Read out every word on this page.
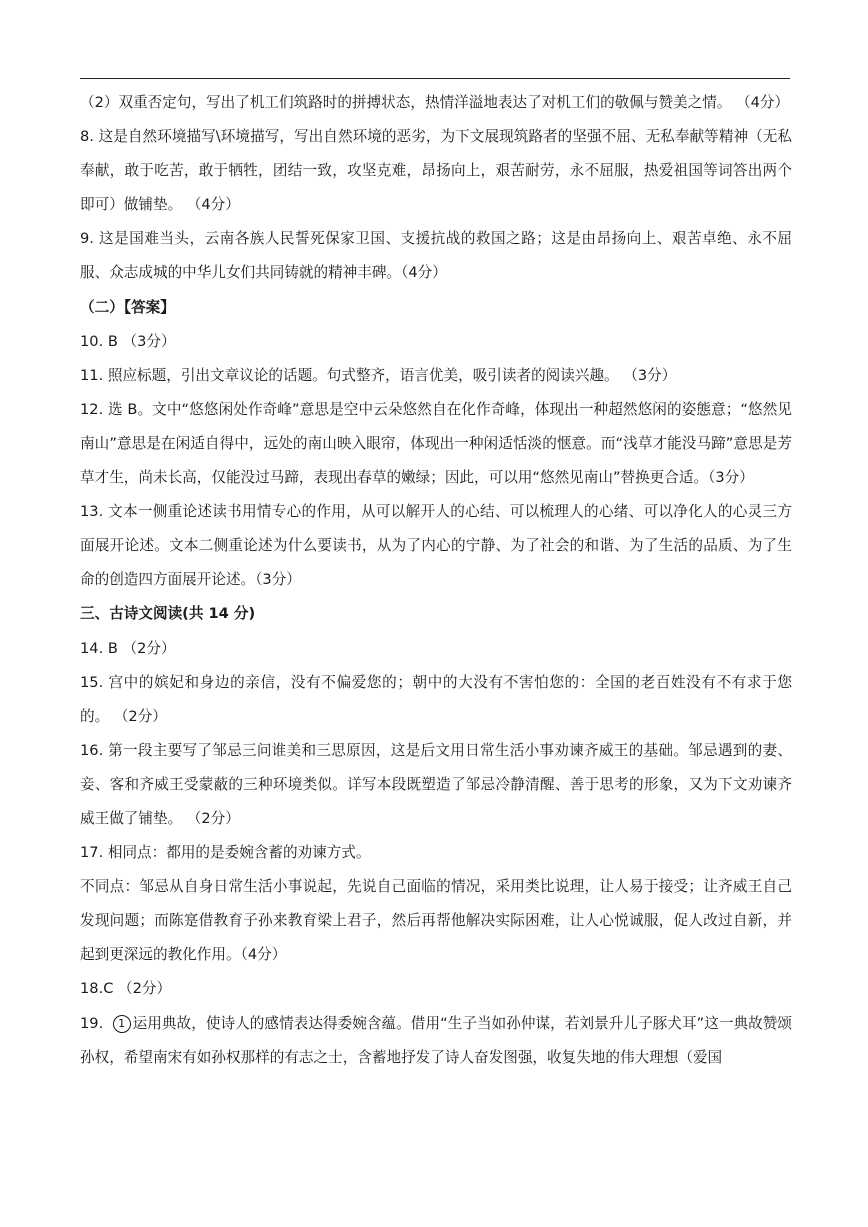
（2）双重否定句，写出了机工们筑路时的拼搏状态，热情洋溢地表达了对机工们的敬佩与赞美之情。 （4分）

8. 这是自然环境描写\环境描写，写出自然环境的恶劣，为下文展现筑路者的坚强不屈、无私奉献等精神（无私奉献，敢于吃苦，敢于牺牲，团结一致，攻坚克难，昂扬向上，艰苦耐劳，永不屈服，热爱祖国等词答出两个即可）做铺垫。 （4分）

9. 这是国难当头，云南各族人民誓死保家卫国、支援抗战的救国之路；这是由昂扬向上、艰苦卓绝、永不屈服、众志成城的中华儿女们共同铸就的精神丰碑。（4分）

（二）【答案】

10. B （3分）

11. 照应标题，引出文章议论的话题。句式整齐，语言优美，吸引读者的阅读兴趣。 （3分）

12. 选 B。文中“悠悠闲处作奇峰”意思是空中云朵悠然自在化作奇峰，体现出一种超然悠闲的姿態意；“悠然见南山”意思是在闲适自得中，远处的南山映入眼帘，体现出一种闲适恬淡的惬意。而“浅草才能没马蹄”意思是芳草才生，尚未长高，仅能没过马蹄，表现出春草的嫩绿；因此，可以用“悠然见南山”替换更合适。（3分）

13. 文本一侧重论述读书用情专心的作用，从可以解开人的心结、可以梳理人的心绪、可以净化人的心灵三方面展开论述。文本二侧重论述为什么要读书，从为了内心的宁静、为了社会的和谐、为了生活的品质、为了生命的创造四方面展开论述。（3分）

三、古诗文阅读(共 14 分)

14. B （2分）

15. 宫中的嫔妃和身边的亲信，没有不偏爱您的；朝中的大没有不害怕您的：全国的老百姓没有不有求于您的。 （2分）

16. 第一段主要写了邹忌三问谁美和三思原因，这是后文用日常生活小事劝谏齐威王的基础。邹忌遇到的妻、妾、客和齐威王受蒙蔽的三种环境类似。详写本段既塑造了邹忌冷静清醒、善于思考的形象，又为下文劝谏齐威王做了铺垫。 （2分）

17. 相同点：都用的是委婉含蓄的劝谏方式。

不同点：邹忌从自身日常生活小事说起，先说自己面临的情况，采用类比说理，让人易于接受；让齐威王自己发现问题；而陈寔借教育子孙来教育梁上君子，然后再帮他解决实际困难，让人心悦诚服，促人改过自新，并起到更深远的教化作用。（4分）

18.C （2分）

19. 1 运用典故，使诗人的感情表达得委婉含蕴。借用“生子当如孙仲谋，若刘景升儿子豚犬耳”这一典故赞颂孙权，希望南宋有如孙权那样的有志之士，含蓄地抒发了诗人奋发图强，收复失地的伟大理想（爱国
